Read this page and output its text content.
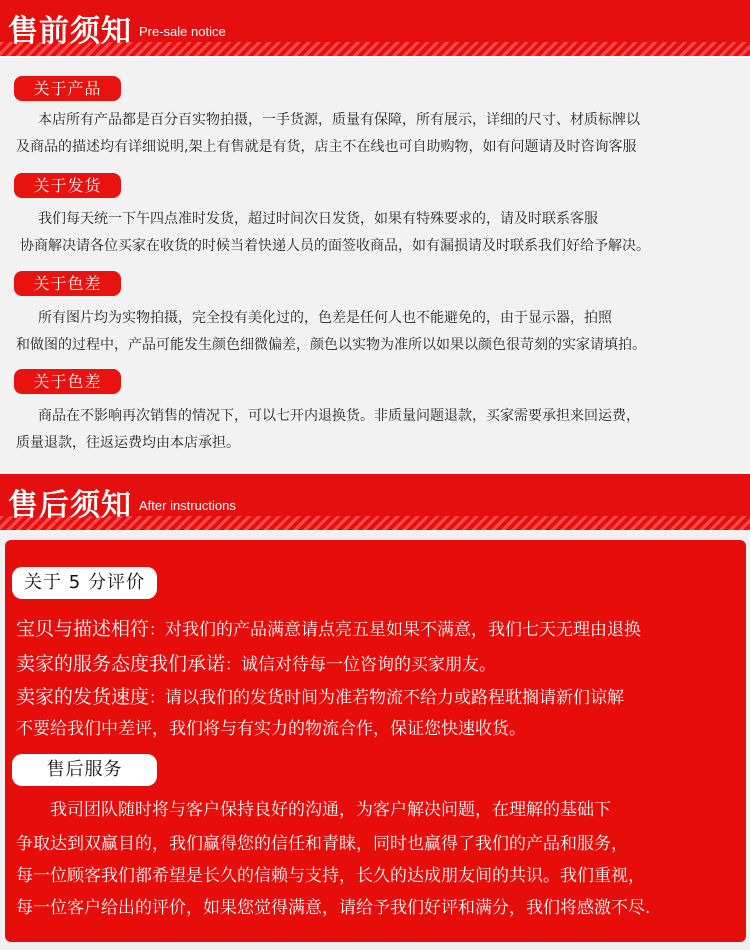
售前须知 Pre-sale notice
关于产品
本店所有产品都是百分百实物拍摄，一手货源，质量有保障，所有展示，详细的尺寸、材质标牌以
及商品的描述均有详细说明,架上有售就是有货，店主不在线也可自助购物，如有问题请及时咨询客服
关于发货
我们每天统一下午四点准时发货，超过时间次日发货，如果有特殊要求的，请及时联系客服
协商解决请各位买家在收货的时候当着快递人员的面签收商品，如有漏损请及时联系我们好给予解决。
关于色差
所有图片均为实物拍摄，完全投有美化过的，色差是任何人也不能避免的，由于显示器，拍照
和做图的过程中，产品可能发生颜色细微偏差，颜色以实物为准所以如果以颜色很苛刻的实家请填拍。
关于色差
商品在不影响再次销售的情况下，可以七开内退换货。非质量问题退款，买家需要承担来回运费，
质量退款，往返运费均由本店承担。
售后须知 After instructions
关于 5 分评价
宝贝与描述相符：对我们的产品满意请点亮五星如果不满意，我们七天无理由退换
卖家的服务态度我们承诺：诚信对待每一位咨询的买家朋友。
卖家的发货速度：请以我们的发货时间为准若物流不给力或路程耽搁请新们谅解
不要给我们中差评，我们将与有实力的物流合作，保证您快速收货。
售后服务
我司团队随时将与客户保持良好的沟通，为客户解决问题，在理解的基础下
争取达到双赢目的，我们赢得您的信任和青睐，同时也赢得了我们的产品和服务，
每一位顾客我们都希望是长久的信赖与支持，长久的达成朋友间的共识。我们重视，
每一位客户给出的评价，如果您觉得满意，请给予我们好评和满分，我们将感激不尽.
